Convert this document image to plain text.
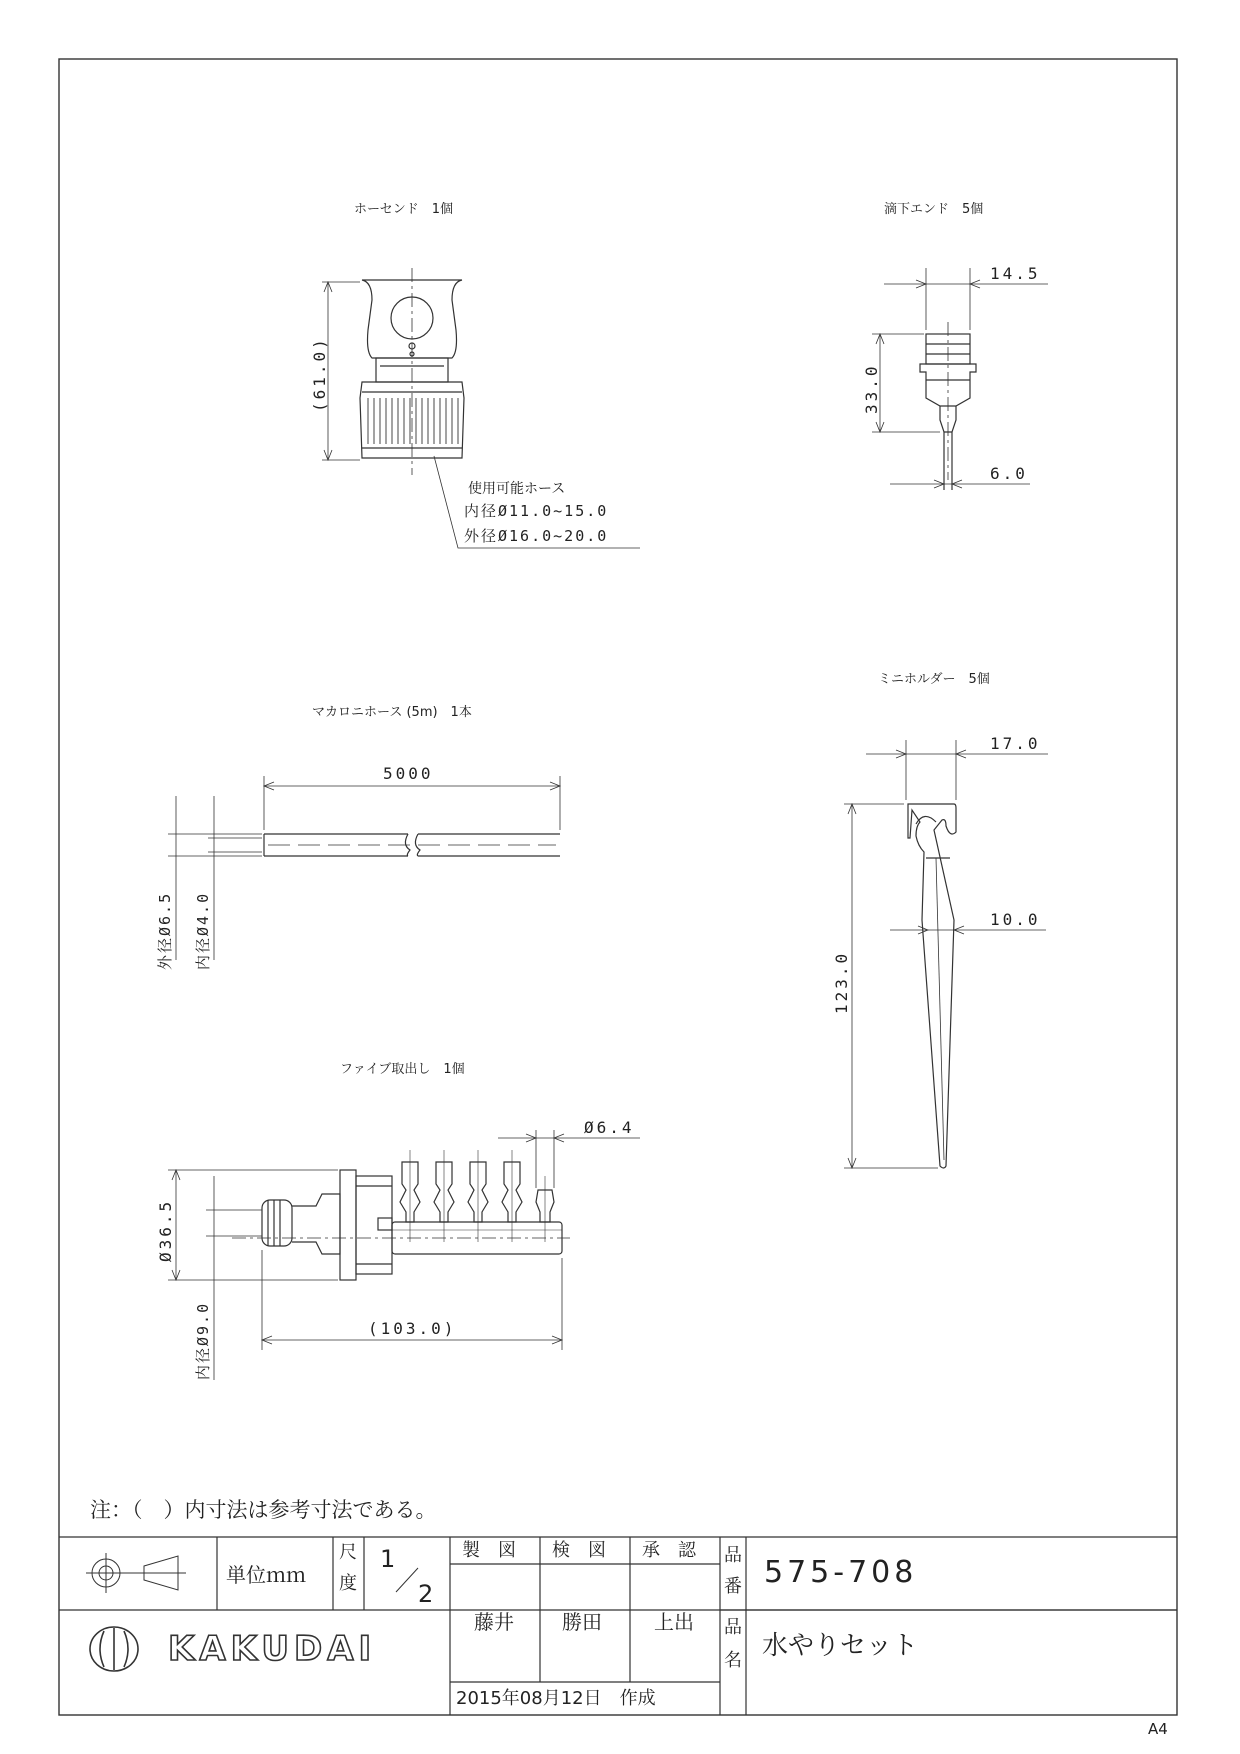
ホーセンド　1個
(61.0)
使用可能ホース
内径Ø11.0~15.0
外径Ø16.0~20.0
滴下エンド　5個
14.5
33.0
6.0
マカロニホース (5m)　1本
5000
外径Ø6.5 内径Ø4.0
ミニホルダー　5個
17.0
10.0
123.0
ファイブ取出し　1個
Ø6.4
Ø36.5
内径Ø9.0	(103.0)
注：（　）内寸法は参考寸法である。
単位ｍｍ
尺
度
1
2
製　図 検　図 承　認
藤井 勝田	上出
2015年08月12日　作成
品
番 575-708
品
名 水やりセット
KAKUDAI
A4
